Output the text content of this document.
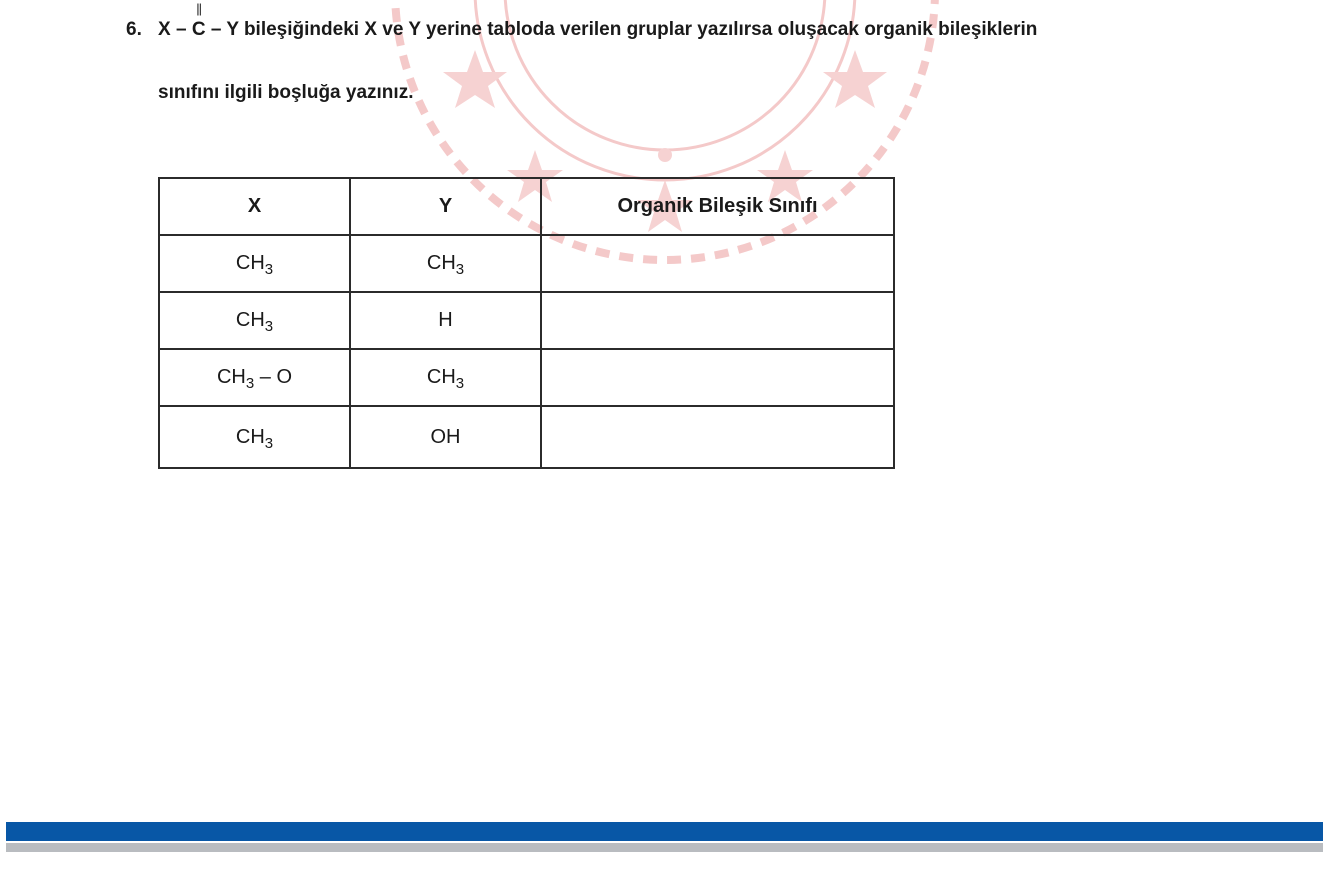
6. X –
||
C – Y bileşiğindeki X ve Y yerine tabloda verilen gruplar yazılırsa oluşacak organik bileşiklerin
sınıfını ilgili boşluğa yazınız.
X	Y	Organik Bileşik Sınıfı
$CH_3$	$CH_3$	
$CH_3$	H	
$CH_3$ – O	$CH_3$	
$CH_3$	OH	
